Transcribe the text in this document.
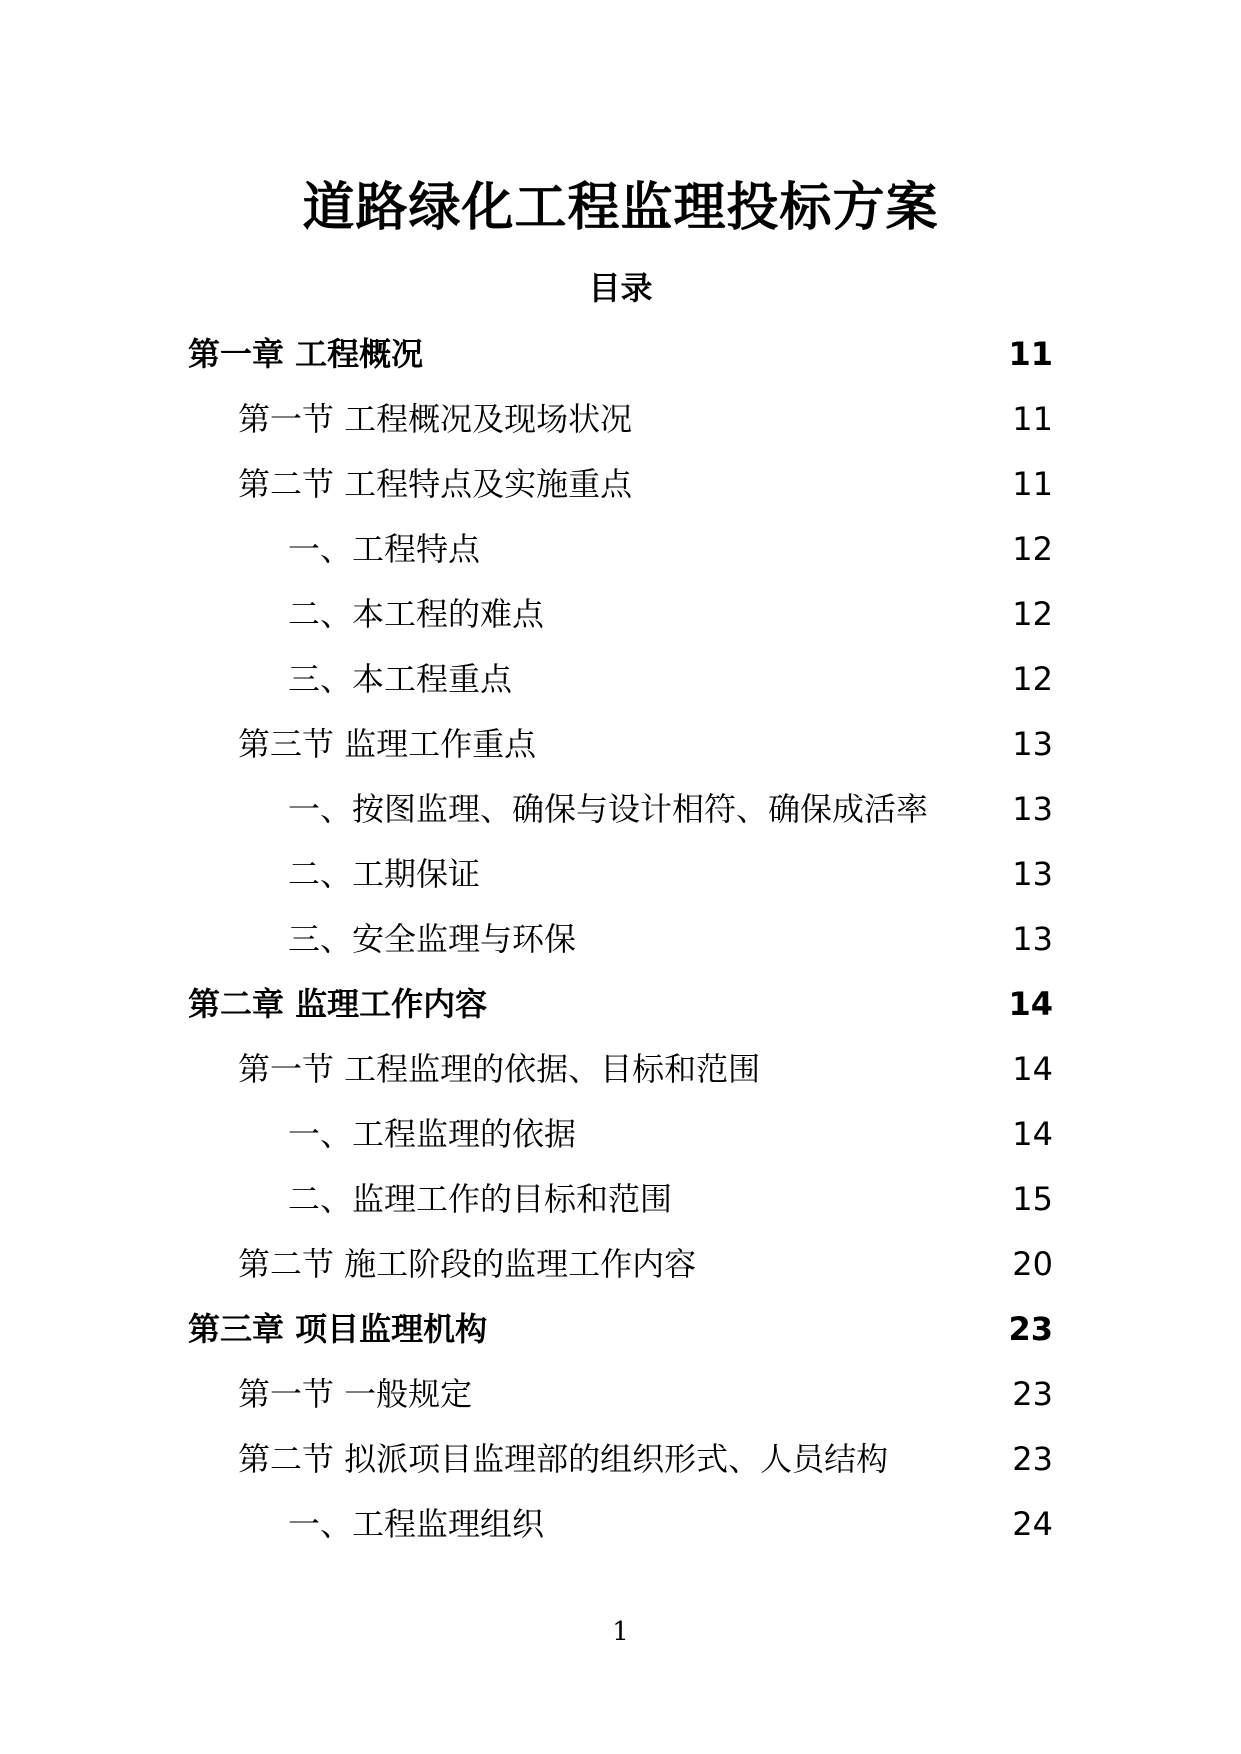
道路绿化工程监理投标方案
目录
第一章 工程概况	11
第一节 工程概况及现场状况	11
第二节 工程特点及实施重点	11
一、工程特点	12
二、本工程的难点	12
三、本工程重点	12
第三节 监理工作重点	13
一、按图监理、确保与设计相符、确保成活率	13
二、工期保证	13
三、安全监理与环保	13
第二章 监理工作内容	14
第一节 工程监理的依据、目标和范围	14
一、工程监理的依据	14
二、监理工作的目标和范围	15
第二节 施工阶段的监理工作内容	20
第三章 项目监理机构	23
第一节 一般规定	23
第二节 拟派项目监理部的组织形式、人员结构	23
一、工程监理组织	24
1
